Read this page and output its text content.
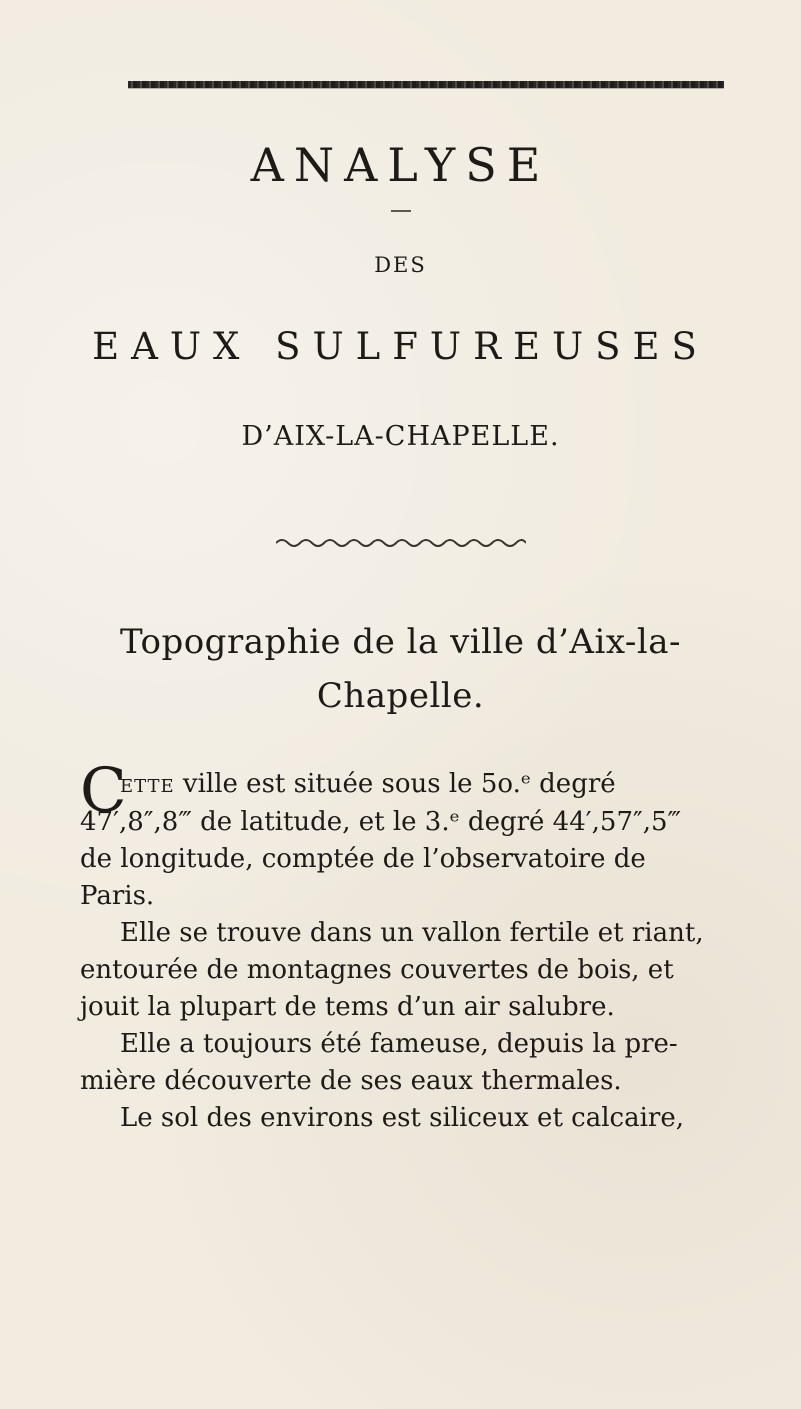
ANALYSE
DES
EAUX SULFUREUSES
D’AIX-LA-CHAPELLE.
Topographie de la ville d’Aix-la-
Chapelle.
C
ette ville est située sous le 5o.ᵉ degré
47′,8″,8‴ de latitude, et le 3.ᵉ degré 44′,57″,5‴
de longitude, comptée de l’observatoire de
Paris.
Elle se trouve dans un vallon fertile et riant,
entourée de montagnes couvertes de bois, et
jouit la plupart de tems d’un air salubre.
Elle a toujours été fameuse, depuis la pre-
mière découverte de ses eaux thermales.
Le sol des environs est siliceux et calcaire,
